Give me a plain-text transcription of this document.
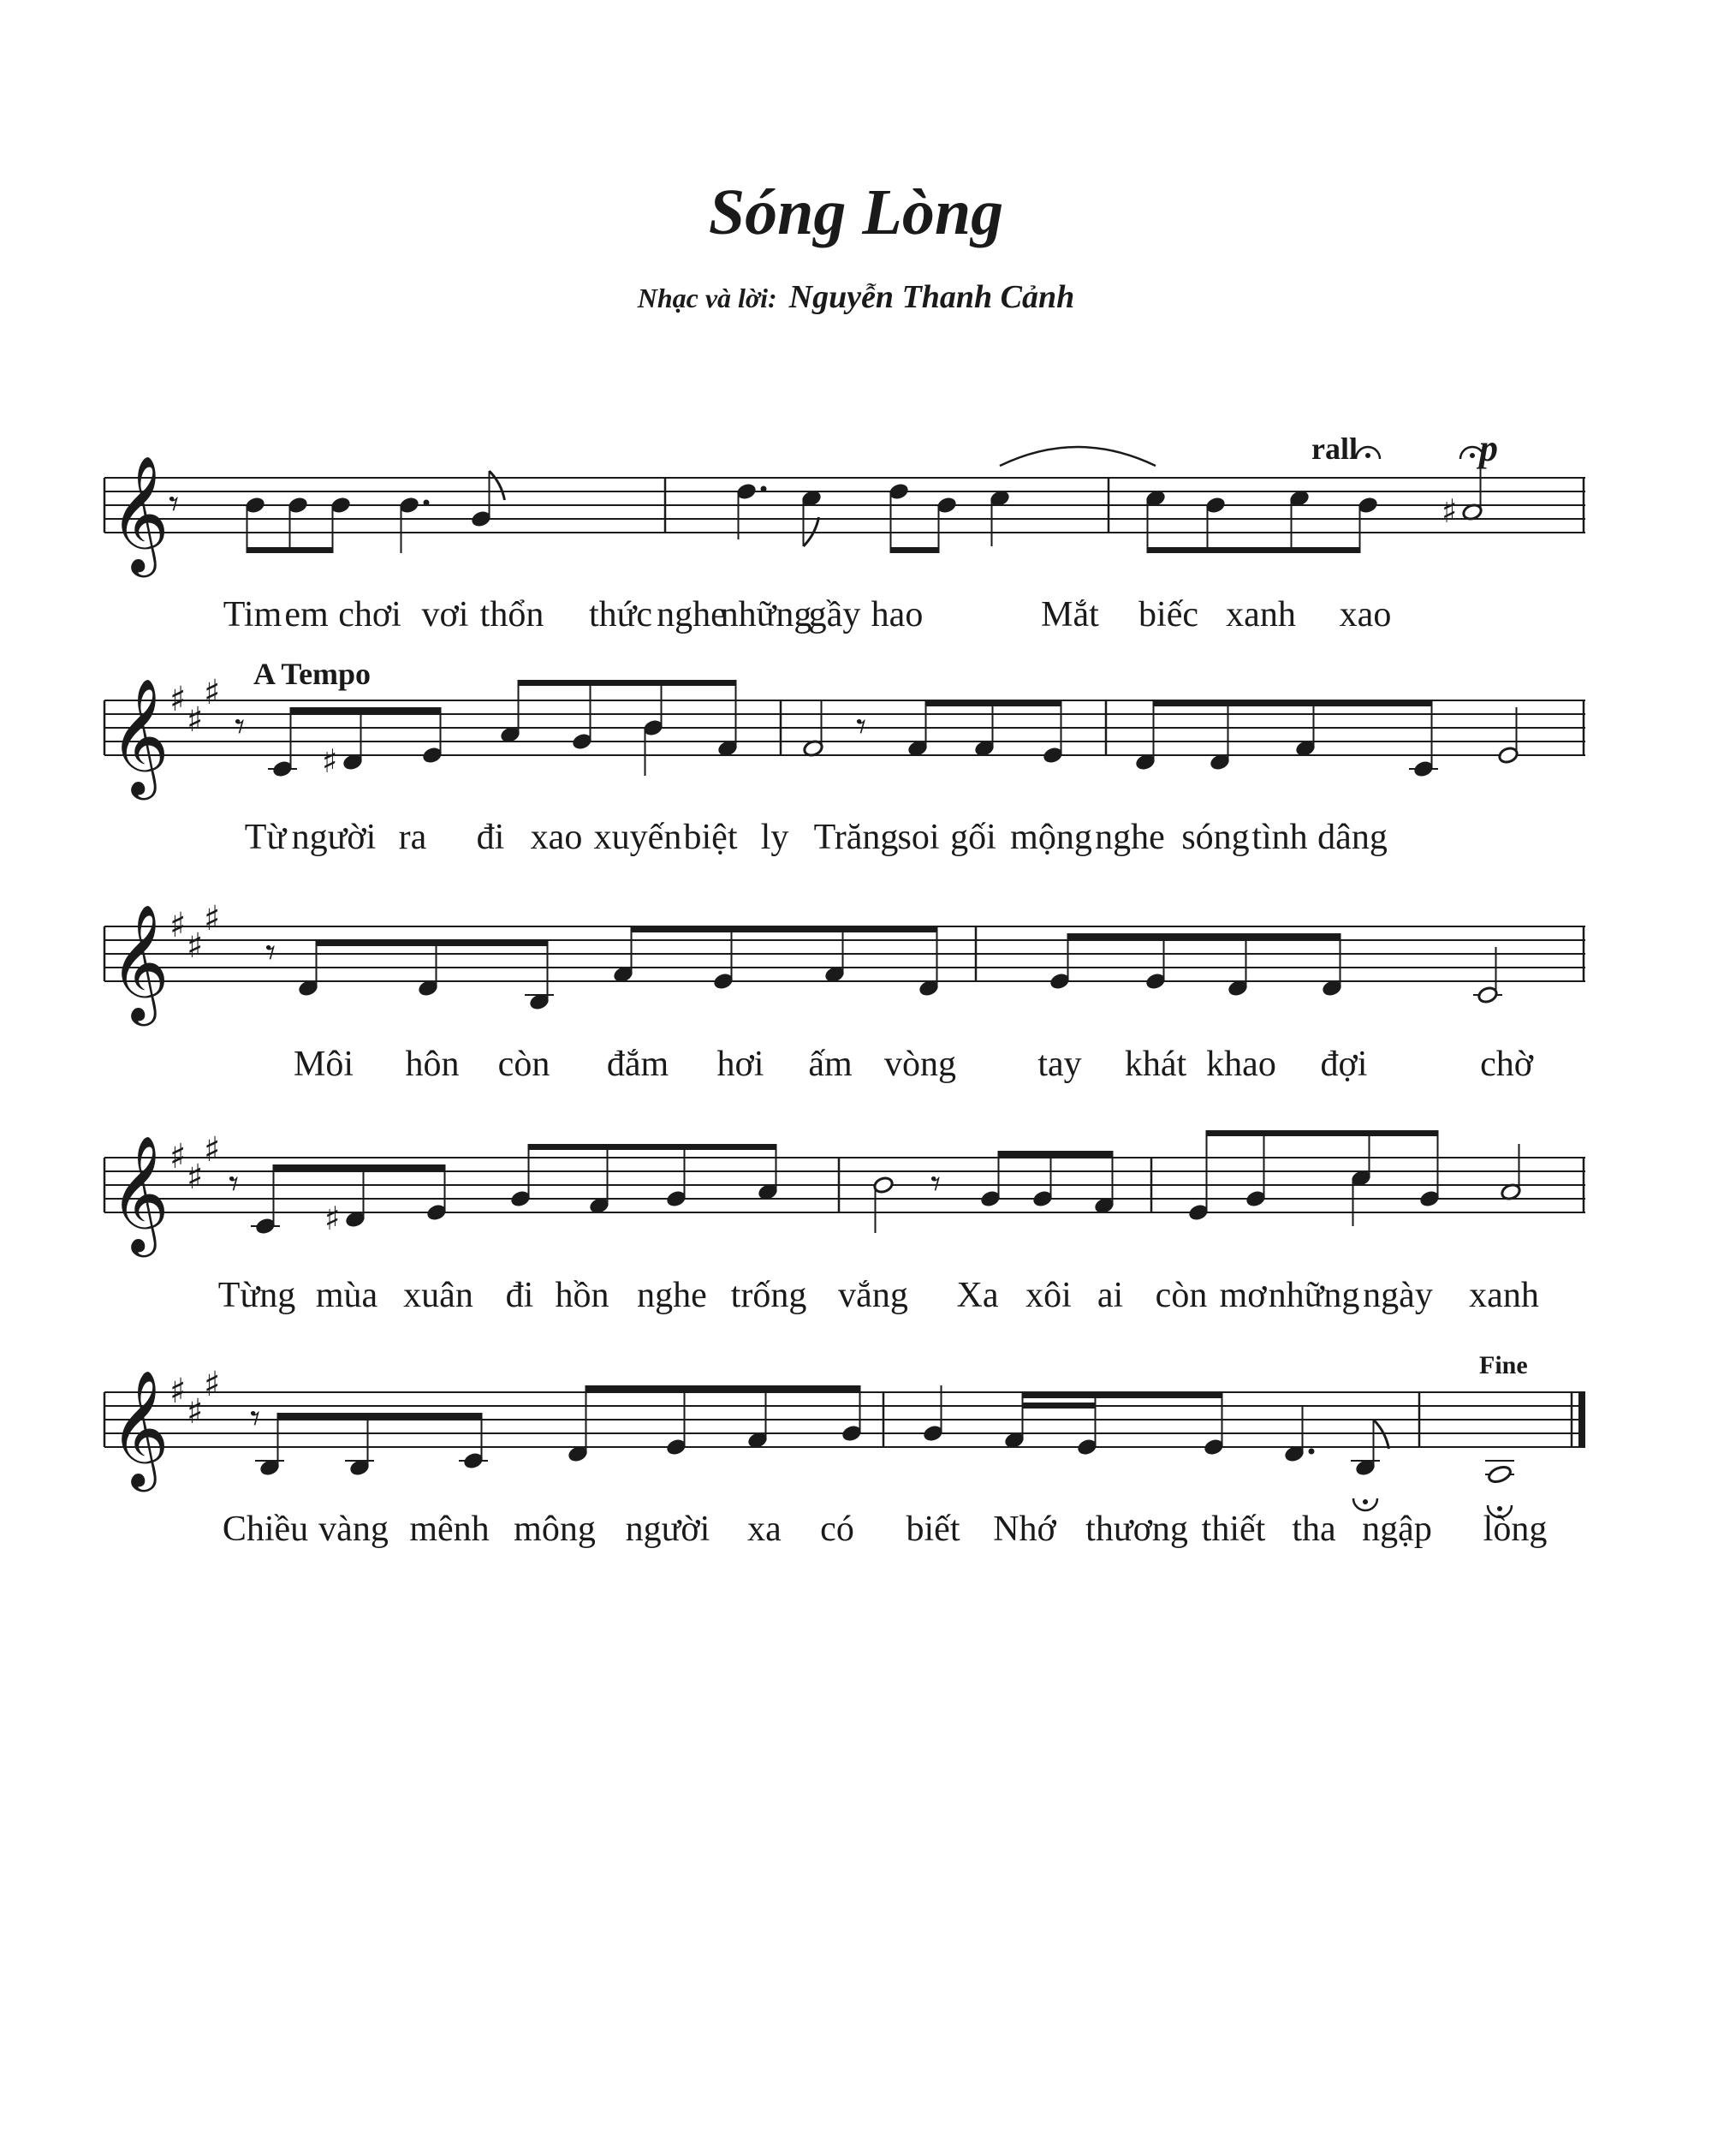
Sóng Lòng
Nhạc và lời: Nguyễn Thanh Cảnh
𝄞 𝄾	♯
𝄞 ♯
♯
♯
𝄾	𝄾
♯
𝄞 ♯
♯
♯
𝄾
𝄞 ♯
♯
♯
𝄾	𝄾
♯
𝄞 ♯
♯
♯
𝄾
Tim em chơi vơi thổn thức nghe
những
gầy hao	Mắt biếc xanh xao
Từ người ra đi xao xuyến biệt ly Trăng soi gối mộng nghe sóng tình dâng
Môi hôn còn đắm hơi ấm vòng tay khát khao đợi	chờ
Từng mùa xuân đi hồn nghe trống vắng Xa xôi ai còn mơ những ngày xanh
Chiều vàng mênh mông người xa có biết Nhớ thương thiết tha ngập lòng
rall	p
A Tempo
Fine
